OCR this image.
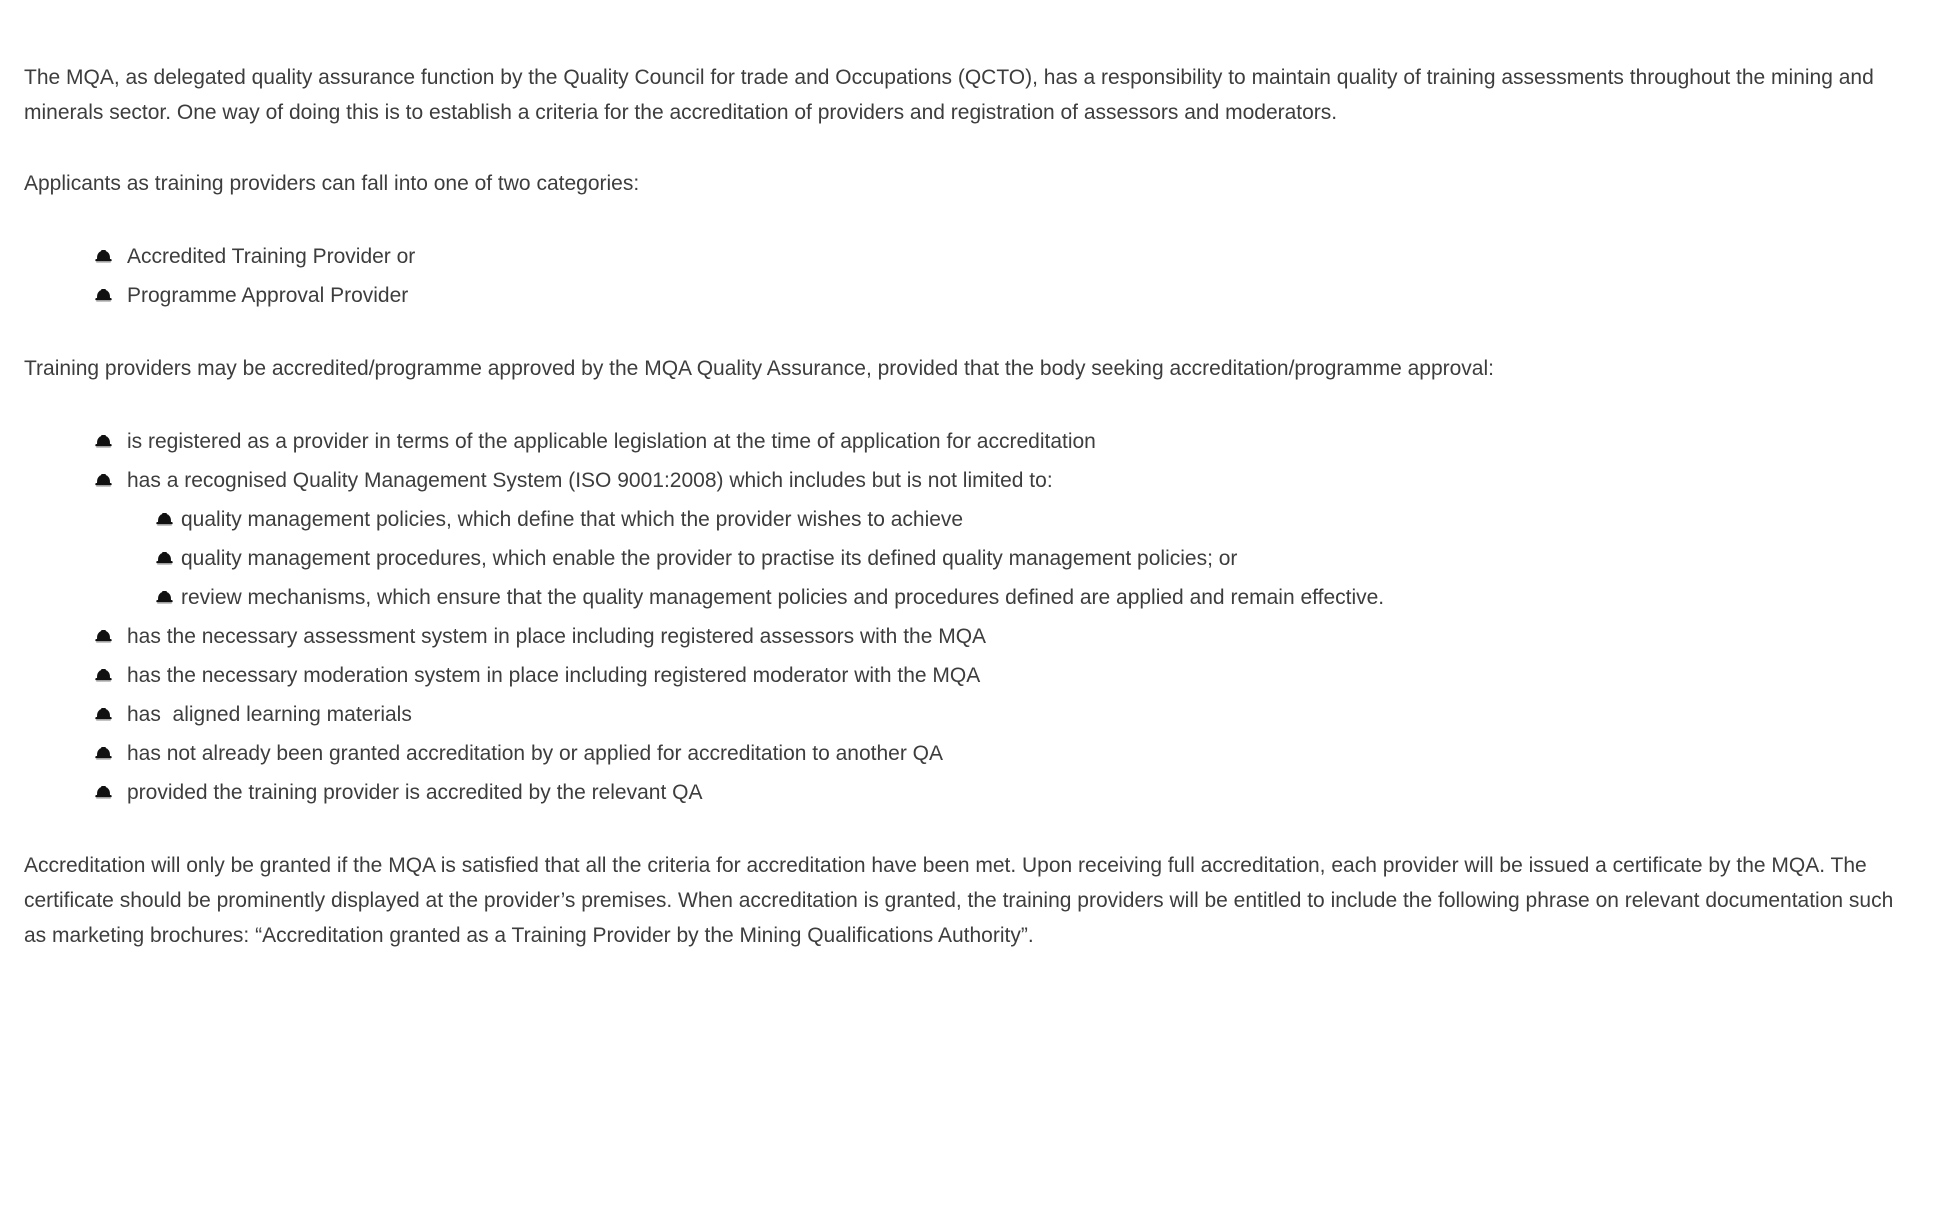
The MQA, as delegated quality assurance function by the Quality Council for trade and Occupations (QCTO), has a responsibility to maintain quality of training assessments throughout the mining and minerals sector. One way of doing this is to establish a criteria for the accreditation of providers and registration of assessors and moderators.

Applicants as training providers can fall into one of two categories:

Accredited Training Provider or
Programme Approval Provider

Training providers may be accredited/programme approved by the MQA Quality Assurance, provided that the body seeking accreditation/programme approval:

is registered as a provider in terms of the applicable legislation at the time of application for accreditation
has a recognised Quality Management System (ISO 9001:2008) which includes but is not limited to:
quality management policies, which define that which the provider wishes to achieve
quality management procedures, which enable the provider to practise its defined quality management policies; or
review mechanisms, which ensure that the quality management policies and procedures defined are applied and remain effective.
has the necessary assessment system in place including registered assessors with the MQA
has the necessary moderation system in place including registered moderator with the MQA
has  aligned learning materials
has not already been granted accreditation by or applied for accreditation to another QA
provided the training provider is accredited by the relevant QA

Accreditation will only be granted if the MQA is satisfied that all the criteria for accreditation have been met. Upon receiving full accreditation, each provider will be issued a certificate by the MQA. The certificate should be prominently displayed at the provider’s premises. When accreditation is granted, the training providers will be entitled to include the following phrase on relevant documentation such as marketing brochures: “Accreditation granted as a Training Provider by the Mining Qualifications Authority”.
